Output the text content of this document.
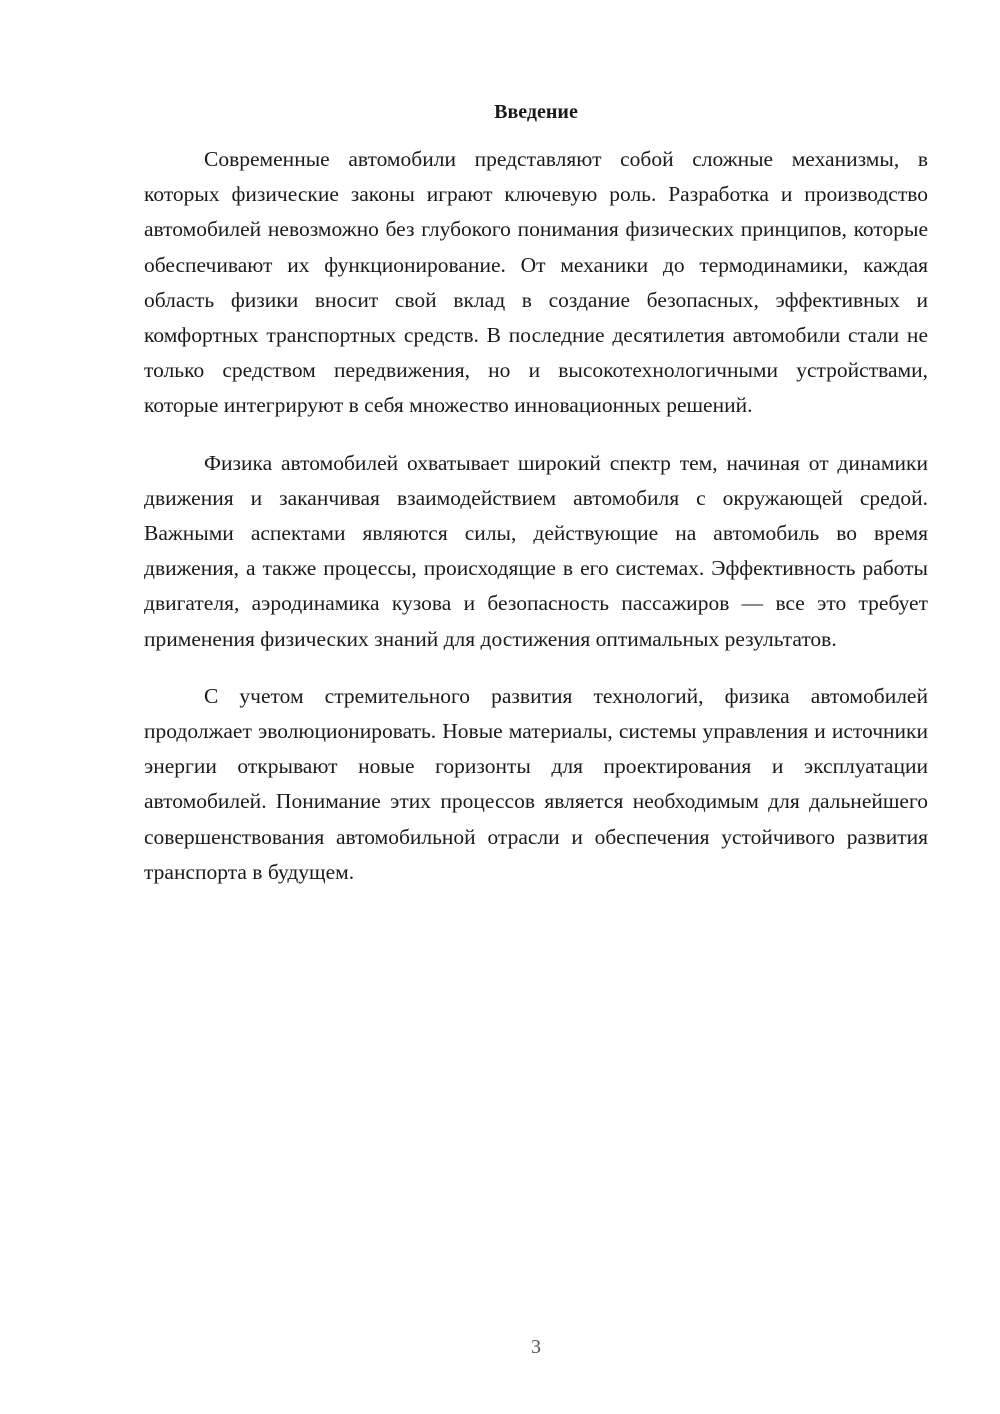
Введение

Современные автомобили представляют собой сложные механизмы, в которых физические законы играют ключевую роль. Разработка и производство автомобилей невозможно без глубокого понимания физических принципов, которые обеспечивают их функционирование. От механики до термодинамики, каждая область физики вносит свой вклад в создание безопасных, эффективных и комфортных транспортных средств. В последние десятилетия автомобили стали не только средством передвижения, но и высокотехнологичными устройствами, которые интегрируют в себя множество инновационных решений.

Физика автомобилей охватывает широкий спектр тем, начиная от динамики движения и заканчивая взаимодействием автомобиля с окружающей средой. Важными аспектами являются силы, действующие на автомобиль во время движения, а также процессы, происходящие в его системах. Эффективность работы двигателя, аэродинамика кузова и безопасность пассажиров — все это требует применения физических знаний для достижения оптимальных результатов.

С учетом стремительного развития технологий, физика автомобилей продолжает эволюционировать. Новые материалы, системы управления и источники энергии открывают новые горизонты для проектирования и эксплуатации автомобилей. Понимание этих процессов является необходимым для дальнейшего совершенствования автомобильной отрасли и обеспечения устойчивого развития транспорта в будущем.

3
